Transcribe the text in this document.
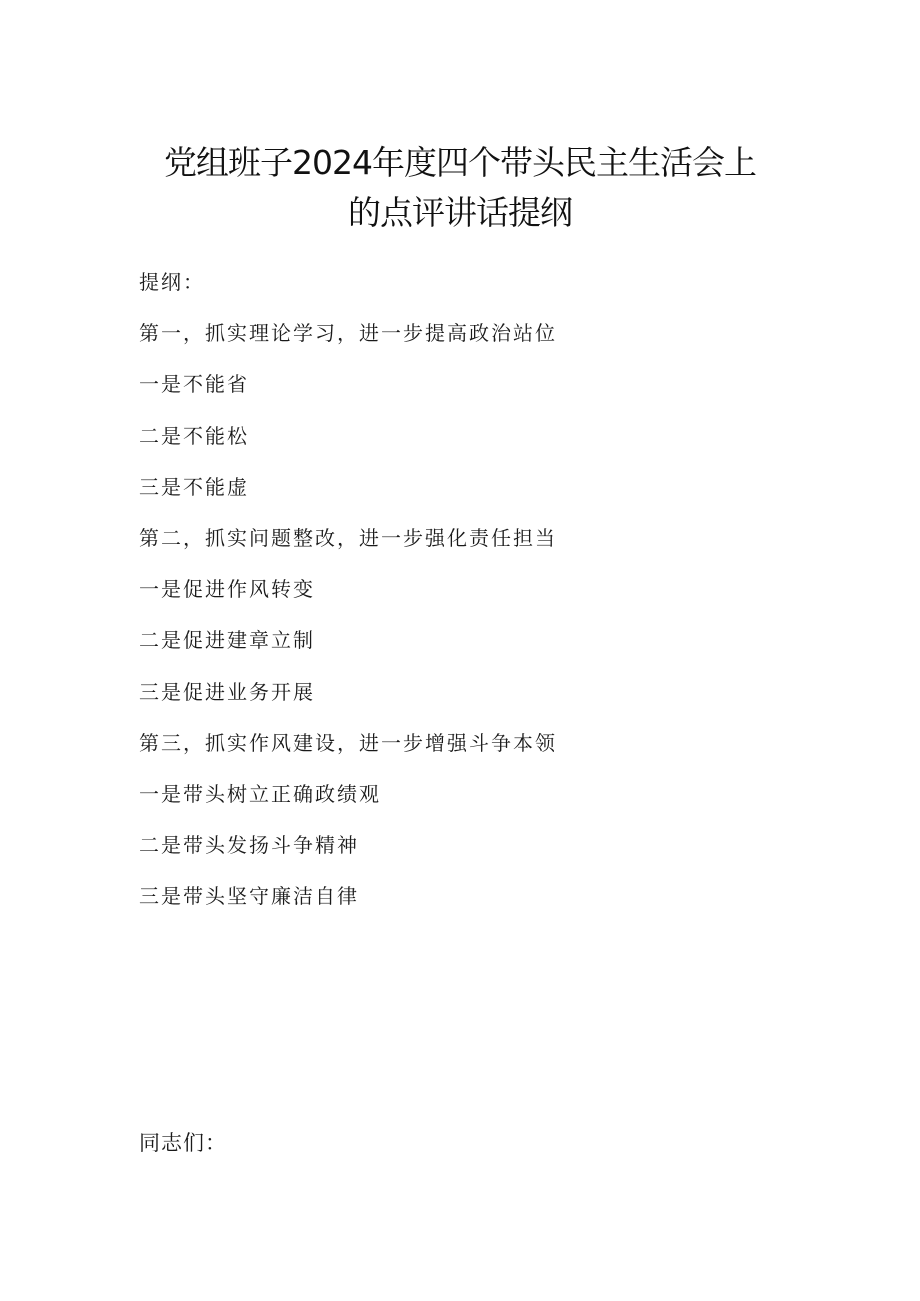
党组班子2024年度四个带头民主生活会上
的点评讲话提纲
提纲：
第一，抓实理论学习，进一步提高政治站位
一是不能省
二是不能松
三是不能虚
第二，抓实问题整改，进一步强化责任担当
一是促进作风转变
二是促进建章立制
三是促进业务开展
第三，抓实作风建设，进一步增强斗争本领
一是带头树立正确政绩观
二是带头发扬斗争精神
三是带头坚守廉洁自律
同志们：
